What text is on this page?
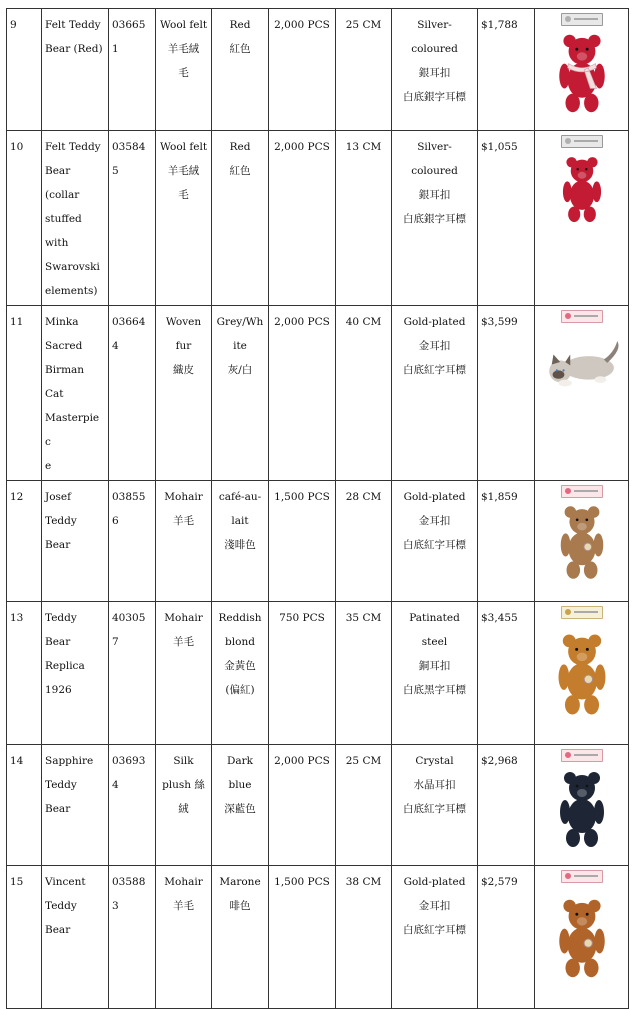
9	Felt Teddy
Bear (Red)	036651	Wool felt
羊毛絨
毛	Red
紅色	2,000 PCS	25 CM	Silver-coloured
銀耳扣
白底銀字耳標	$1,788	

10	Felt Teddy
Bear (collar
stuffed with
Swarovski
elements)	035845	Wool felt
羊毛絨
毛	Red
紅色	2,000 PCS	13 CM	Silver-coloured
銀耳扣
白底銀字耳標	$1,055	

11	Minka
Sacred
Birman Cat
Masterpiec
e	036644	Woven
fur
織皮	Grey/Wh
ite
灰/白	2,000 PCS	40 CM	Gold-plated
金耳扣
白底紅字耳標	$3,599	

12	Josef Teddy
Bear	038556	Mohair
羊毛	café-au-
lait
淺啡色	1,500 PCS	28 CM	Gold-plated
金耳扣
白底紅字耳標	$1,859	

13	Teddy Bear
Replica
1926	403057	Mohair
羊毛	Reddish
blond
金黃色
(偏紅)	750 PCS	35 CM	Patinated steel
銅耳扣
白底黑字耳標	$3,455	

14	Sapphire
Teddy Bear	036934	Silk
plush 絲
絨	Dark
blue
深藍色	2,000 PCS	25 CM	Crystal
水晶耳扣
白底紅字耳標	$2,968	

15	Vincent
Teddy Bear	035883	Mohair
羊毛	Marone
啡色	1,500 PCS	38 CM	Gold-plated
金耳扣
白底紅字耳標	$2,579	
